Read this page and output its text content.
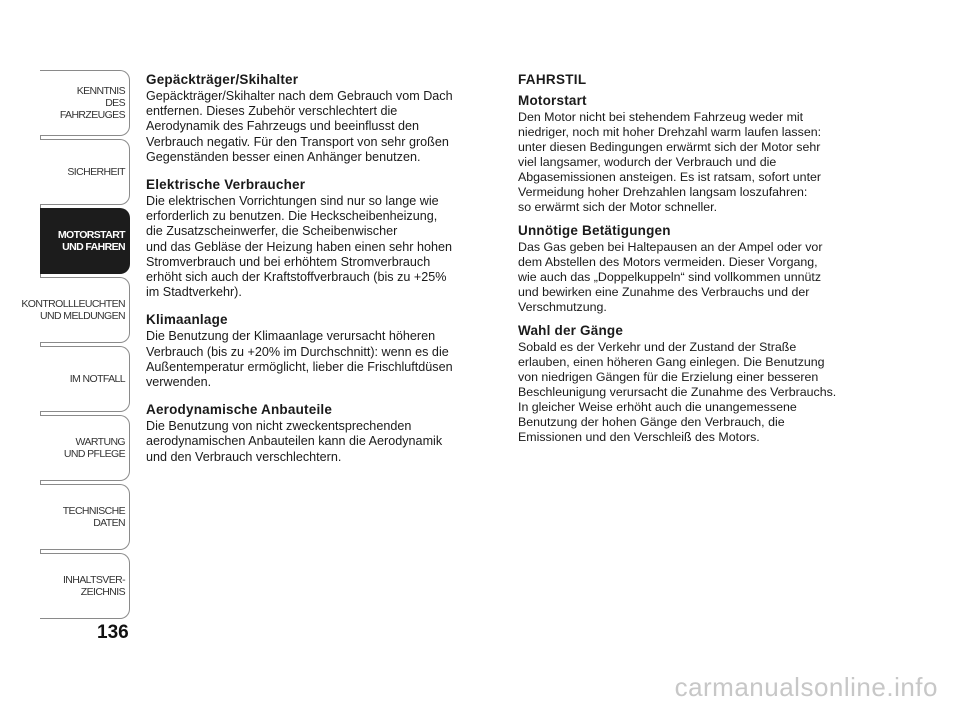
KENNTNIS
DES FAHRZEUGES
SICHERHEIT
MOTORSTART
UND FAHREN
KONTROLLLEUCHTEN
UND MELDUNGEN
IM NOTFALL
WARTUNG
UND PFLEGE
TECHNISCHE
DATEN
INHALTSVER-
ZEICHNIS
136
Gepäckträger/Skihalter

Gepäckträger/Skihalter nach dem Gebrauch vom Dach
entfernen. Dieses Zubehör verschlechtert die
Aerodynamik des Fahrzeugs und beeinflusst den
Verbrauch negativ. Für den Transport von sehr großen
Gegenständen besser einen Anhänger benutzen.

Elektrische Verbraucher

Die elektrischen Vorrichtungen sind nur so lange wie
erforderlich zu benutzen. Die Heckscheibenheizung,
die Zusatzscheinwerfer, die Scheibenwischer
und das Gebläse der Heizung haben einen sehr hohen
Stromverbrauch und bei erhöhtem Stromverbrauch
erhöht sich auch der Kraftstoffverbrauch (bis zu +25%
im Stadtverkehr).

Klimaanlage

Die Benutzung der Klimaanlage verursacht höheren
Verbrauch (bis zu +20% im Durchschnitt): wenn es die
Außentemperatur ermöglicht, lieber die Frischluftdüsen
verwenden.

Aerodynamische Anbauteile

Die Benutzung von nicht zweckentsprechenden
aerodynamischen Anbauteilen kann die Aerodynamik
und den Verbrauch verschlechtern.

FAHRSTIL
Motorstart

Den Motor nicht bei stehendem Fahrzeug weder mit
niedriger, noch mit hoher Drehzahl warm laufen lassen:
unter diesen Bedingungen erwärmt sich der Motor sehr
viel langsamer, wodurch der Verbrauch und die
Abgasemissionen ansteigen. Es ist ratsam, sofort unter
Vermeidung hoher Drehzahlen langsam loszufahren:
so erwärmt sich der Motor schneller.

Unnötige Betätigungen

Das Gas geben bei Haltepausen an der Ampel oder vor
dem Abstellen des Motors vermeiden. Dieser Vorgang,
wie auch das „Doppelkuppeln“ sind vollkommen unnütz
und bewirken eine Zunahme des Verbrauchs und der
Verschmutzung.

Wahl der Gänge

Sobald es der Verkehr und der Zustand der Straße
erlauben, einen höheren Gang einlegen. Die Benutzung
von niedrigen Gängen für die Erzielung einer besseren
Beschleunigung verursacht die Zunahme des Verbrauchs.
In gleicher Weise erhöht auch die unangemessene
Benutzung der hohen Gänge den Verbrauch, die
Emissionen und den Verschleiß des Motors.

carmanualsonline.info
